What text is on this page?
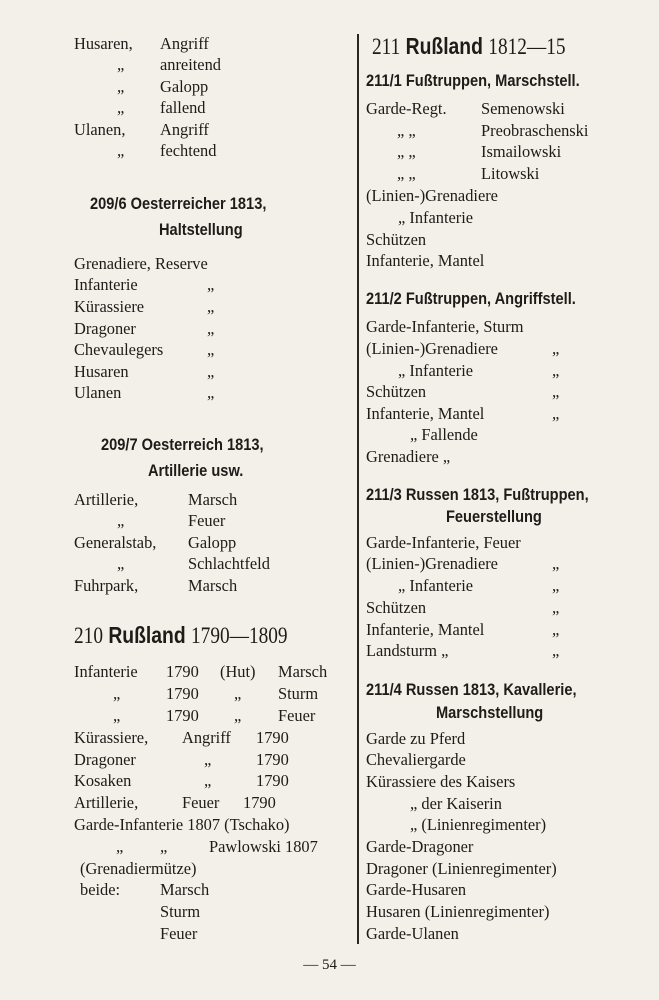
Husaren, Angriff
„ anreitend
„ Galopp
„ fallend
Ulanen, Angriff
„ fechtend
209/6 Oesterreicher 1813,
Haltstellung
Grenadiere, Reserve
Infanterie	„
Kürassiere	„
Dragoner	„
Chevaulegers	„
Husaren	„
Ulanen	„
209/7 Oesterreich 1813,
Artillerie usw.
Artillerie,	Marsch
„	Feuer
Generalstab, Galopp
„	Schlachtfeld
Fuhrpark,	Marsch
210 Rußland 1790—1809
Infanterie 1790 (Hut) Marsch
„	1790 „ Sturm
„	1790 „ Feuer
Kürassiere, Angriff 1790
Dragoner	„	1790
Kosaken	„	1790
Artillerie,	Feuer 1790
Garde-Infanterie 1807 (Tschako)
„ „	Pawlowski 1807
(Grenadiermütze)
beide: Marsch
Sturm
Feuer
211 Rußland 1812—15
211/1 Fußtruppen, Marschstell.
Garde-Regt. Semenowski
„ „	Preobraschenski
„ „	Ismailowski
„ „	Litowski
(Linien-)Grenadiere
„ Infanterie
Schützen
Infanterie, Mantel
211/2 Fußtruppen, Angriffstell.
Garde-Infanterie, Sturm
(Linien-)Grenadiere	„
„ Infanterie	„
Schützen	„
Infanterie, Mantel	„
„ Fallende
Grenadiere „
211/3 Russen 1813, Fußtruppen,
Feuerstellung
Garde-Infanterie, Feuer
(Linien-)Grenadiere	„
„ Infanterie	„
Schützen	„
Infanterie, Mantel	„
Landsturm „	„
211/4 Russen 1813, Kavallerie,
Marschstellung
Garde zu Pferd
Chevaliergarde
Kürassiere des Kaisers
„ der Kaiserin
„ (Linienregimenter)
Garde-Dragoner
Dragoner (Linienregimenter)
Garde-Husaren
Husaren (Linienregimenter)
Garde-Ulanen
— 54 —
